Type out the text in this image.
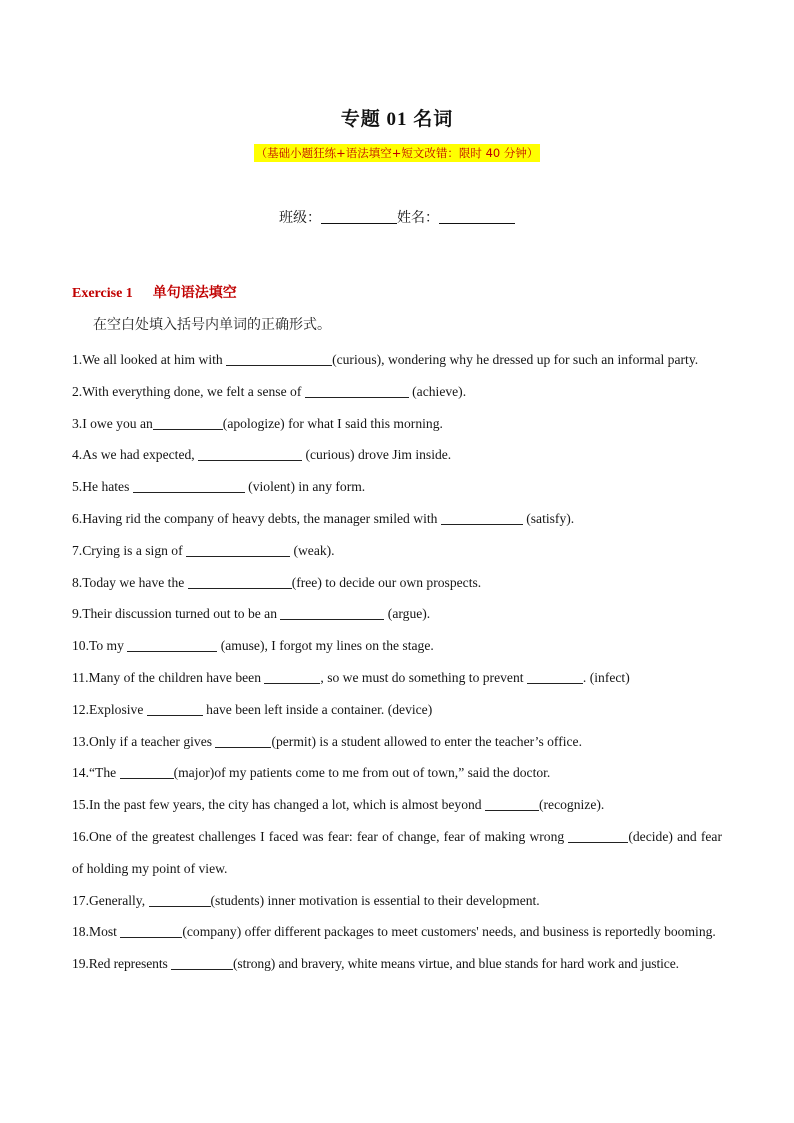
专题 01 名词
（基础小题狂练+语法填空+短文改错：限时 40 分钟）
班级：	姓名：
Exercise 1 单句语法填空
在空白处填入括号内单词的正确形式。
1.We all looked at him with	(curious), wondering why he dressed up for such an informal party.
2.With everything done, we felt a sense of	(achieve).
3.I owe you an	(apologize) for what I said this morning.
4.As we had expected,	(curious) drove Jim inside.
5.He hates	(violent) in any form.
6.Having rid the company of heavy debts, the manager smiled with	(satisfy).
7.Crying is a sign of	(weak).
8.Today we have the	(free) to decide our own prospects.
9.Their discussion turned out to be an	(argue).
10.To my	(amuse), I forgot my lines on the stage.
11.Many of the children have been	, so we must do something to prevent	. (infect)
12.Explosive	have been left inside a container. (device)
13.Only if a teacher gives	(permit) is a student allowed to enter the teacher’s office.
14.“The	(major)of my patients come to me from out of town,” said the doctor.
15.In the past few years, the city has changed a lot, which is almost beyond	(recognize).
16.One of the greatest challenges I faced was fear: fear of change, fear of making wrong	(decide) and fear of holding my point of view.
17.Generally,	(students) inner motivation is essential to their development.
18.Most	(company) offer different packages to meet customers' needs, and business is reportedly booming.
19.Red represents	(strong) and bravery, white means virtue, and blue stands for hard work and justice.
